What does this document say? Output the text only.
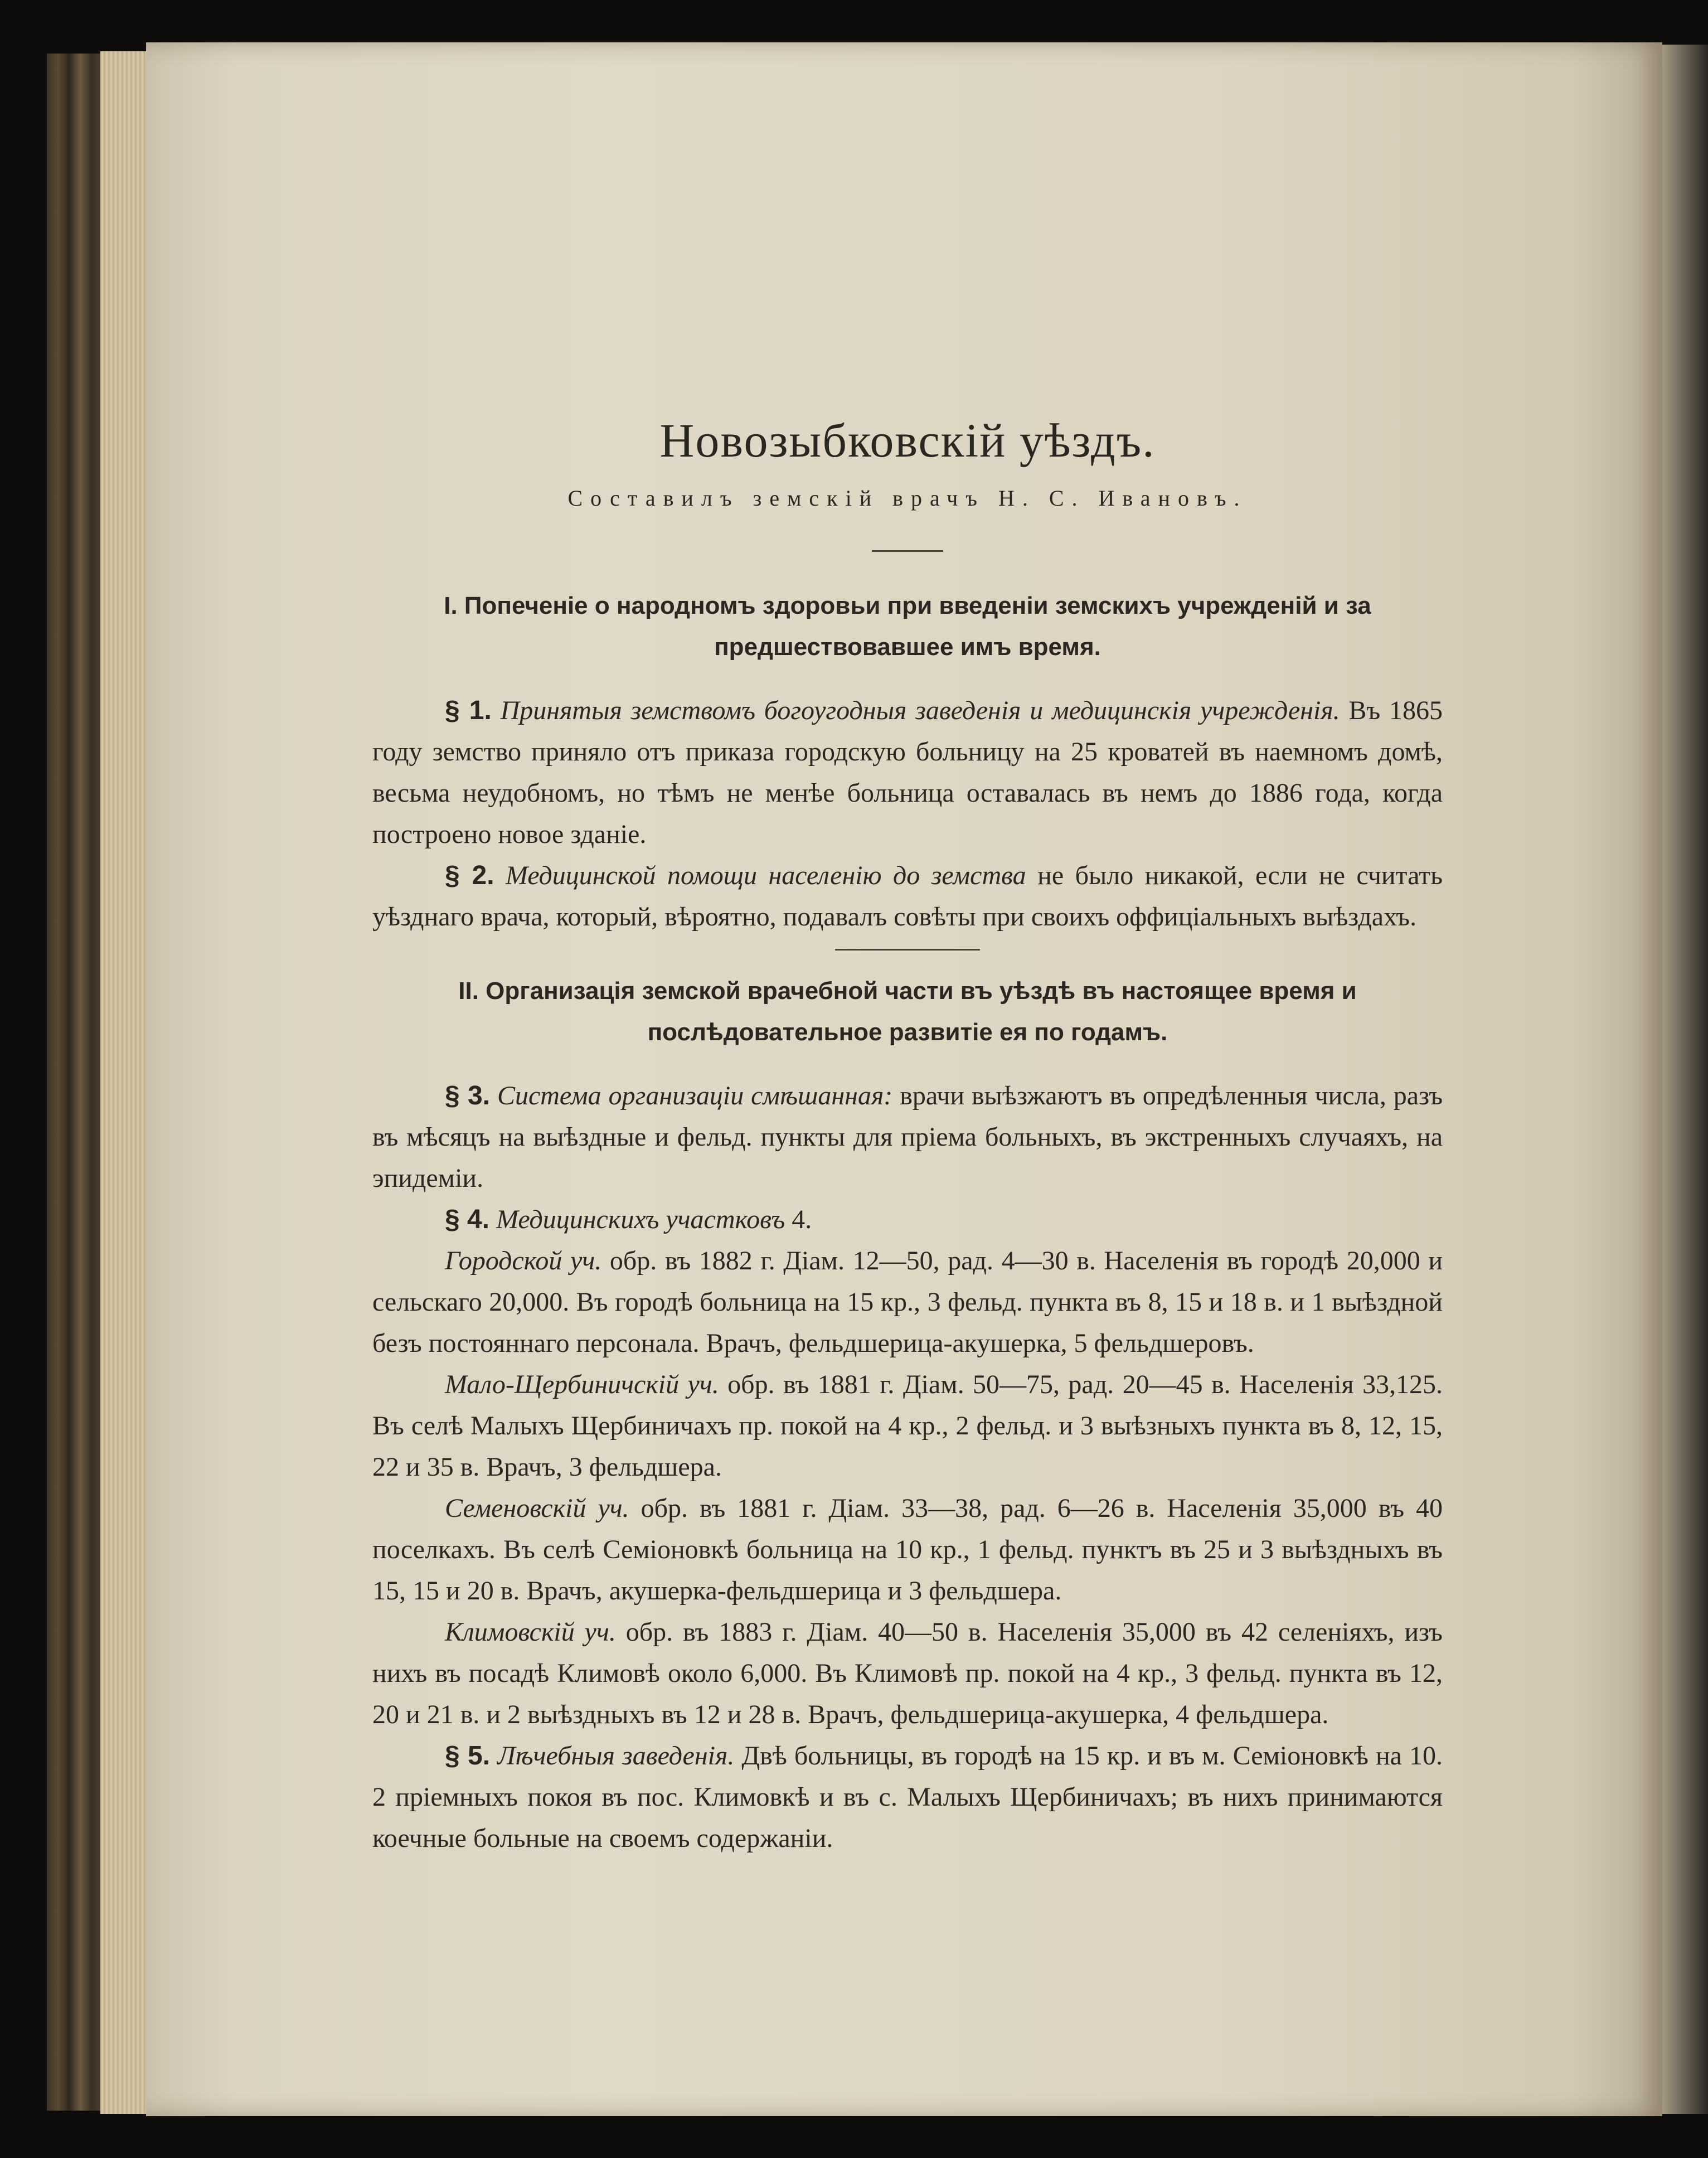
Новозыбковскій уѣздъ.
Составилъ земскій врачъ Н. С. Ивановъ.
I. Попеченіе о народномъ здоровьи при введеніи земскихъ учрежденій и за
предшествовавшее имъ время.

§ 1. Принятыя земствомъ богоугодныя заведенія и медицинскія учрежденія. Въ 1865 году земство приняло отъ приказа городскую больницу на 25 кроватей въ наемномъ домѣ, весьма неудобномъ, но тѣмъ не менѣе больница оставалась въ немъ до 1886 года, когда построено новое зданіе.

§ 2. Медицинской помощи населенію до земства не было никакой, если не считать уѣзднаго врача, который, вѣроятно, подавалъ совѣты при своихъ оффиціальныхъ выѣздахъ.

II. Организація земской врачебной части въ уѣздѣ въ настоящее время и
послѣдовательное развитіе ея по годамъ.

§ 3. Система организаціи смѣшанная: врачи выѣзжаютъ въ опредѣленныя числа, разъ въ мѣсяцъ на выѣздные и фельд. пункты для пріема больныхъ, въ экстренныхъ случаяхъ, на эпидеміи.

§ 4. Медицинскихъ участковъ 4.

Городской уч. обр. въ 1882 г. Діам. 12—50, рад. 4—30 в. Населенія въ городѣ 20,000 и сельскаго 20,000. Въ городѣ больница на 15 кр., 3 фельд. пункта въ 8, 15 и 18 в. и 1 выѣздной безъ постояннаго персонала. Врачъ, фельдшерица-акушерка, 5 фельдшеровъ.

Мало-Щербиничскій уч. обр. въ 1881 г. Діам. 50—75, рад. 20—45 в. Населенія 33,125. Въ селѣ Малыхъ Щербиничахъ пр. покой на 4 кр., 2 фельд. и 3 выѣзныхъ пункта въ 8, 12, 15, 22 и 35 в. Врачъ, 3 фельдшера.

Семеновскій уч. обр. въ 1881 г. Діам. 33—38, рад. 6—26 в. Населенія 35,000 въ 40 поселкахъ. Въ селѣ Семіоновкѣ больница на 10 кр., 1 фельд. пунктъ въ 25 и 3 выѣздныхъ въ 15, 15 и 20 в. Врачъ, акушерка-фельдшерица и 3 фельдшера.

Климовскій уч. обр. въ 1883 г. Діам. 40—50 в. Населенія 35,000 въ 42 селеніяхъ, изъ нихъ въ посадѣ Климовѣ около 6,000. Въ Климовѣ пр. покой на 4 кр., 3 фельд. пункта въ 12, 20 и 21 в. и 2 выѣздныхъ въ 12 и 28 в. Врачъ, фельдшерица-акушерка, 4 фельдшера.

§ 5. Лѣчебныя заведенія. Двѣ больницы, въ городѣ на 15 кр. и въ м. Семіоновкѣ на 10. 2 пріемныхъ покоя въ пос. Климовкѣ и въ с. Малыхъ Щербиничахъ; въ нихъ принимаются коечные больные на своемъ содержаніи.
